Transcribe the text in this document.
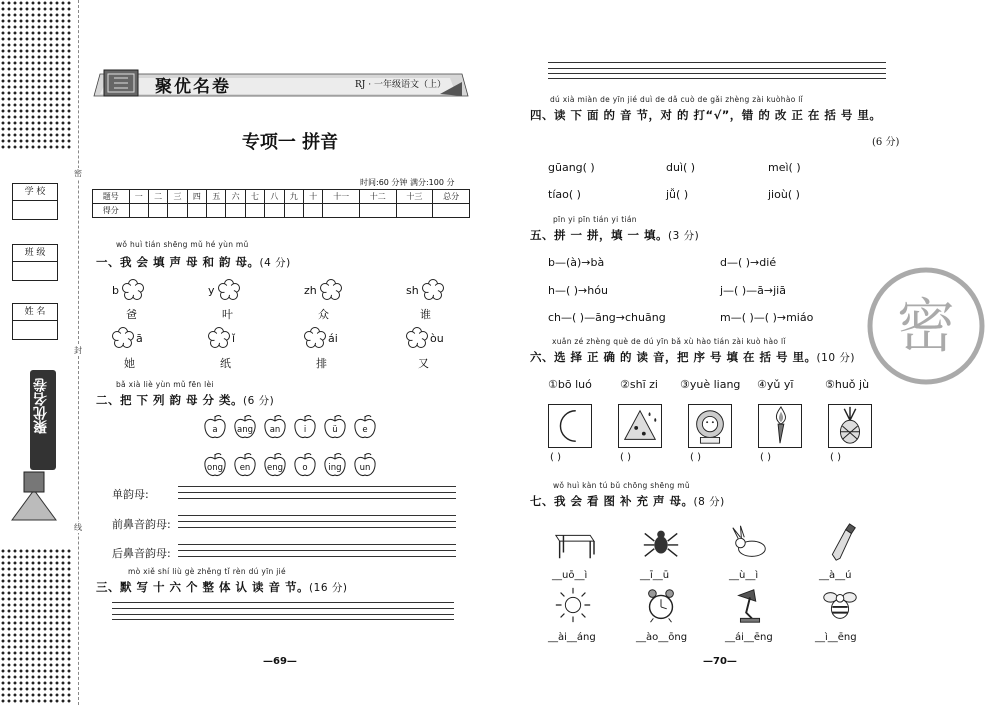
学 校
班 级
姓 名
聚优名卷
密
封
线
聚优名卷	RJ · 一年级语文（上）
专项一 拼音
时间:60 分钟 满分:100 分
题号	一	二	三	四	五	六	七	八	九	十	十一	十二	十三	总分
得分														
wǒ huì tián shēng mǔ hé yùn mǔ
一、我 会 填 声 母 和 韵 母。(4 分)
b
爸
y
叶
zh
众
sh
谁
ā
她
ǐ
纸
ái
排
òu
又
bǎ xià liè yùn mǔ fēn lèi
二、把 下 列 韵 母 分 类。(6 分)
a	ang	an	i	ü	e
ong	en	eng	o	ing	un
单韵母:
前鼻音韵母:
后鼻音韵母:
mò xiě shí liù gè zhěng tǐ rèn dú yīn jié
三、默 写 十 六 个 整 体 认 读 音 节。(16 分)
—69—
dú xià miàn de yīn jié duì de dǎ cuò de gǎi zhèng zài kuòhào lǐ
四、读 下 面 的 音 节，对 的 打“√”，错 的 改 正 在 括 号 里。
(6 分)
gūang( )	duì( )	meì( )
tíao( )	jǚ( )	jioù( )
pīn yi pīn tián yi tián
五、拼 一 拼，填 一 填。(3 分)
b—(à)→bà	d—( )→dié
h—( )→hóu	j—( )—ā→jiā
ch—( )—āng→chuāng	m—( )—( )→miáo
xuǎn zé zhèng què de dú yīn bǎ xù hào tián zài kuò hào lǐ
六、选 择 正 确 的 读 音，把 序 号 填 在 括 号 里。(10 分)
①bō luó	②shī zi ③yuè liang ④yǔ yī	⑤huǒ jù
( )	( )	( )	( )	( )
wǒ huì kàn tú bǔ chōng shēng mǔ
七、我 会 看 图 补 充 声 母。(8 分)
__uō__ì
__ài__áng
__ī__ū
__ào__ōng
__ù__ì
__ái__ēng
__à__ú
__ì__ēng
—70—
密
